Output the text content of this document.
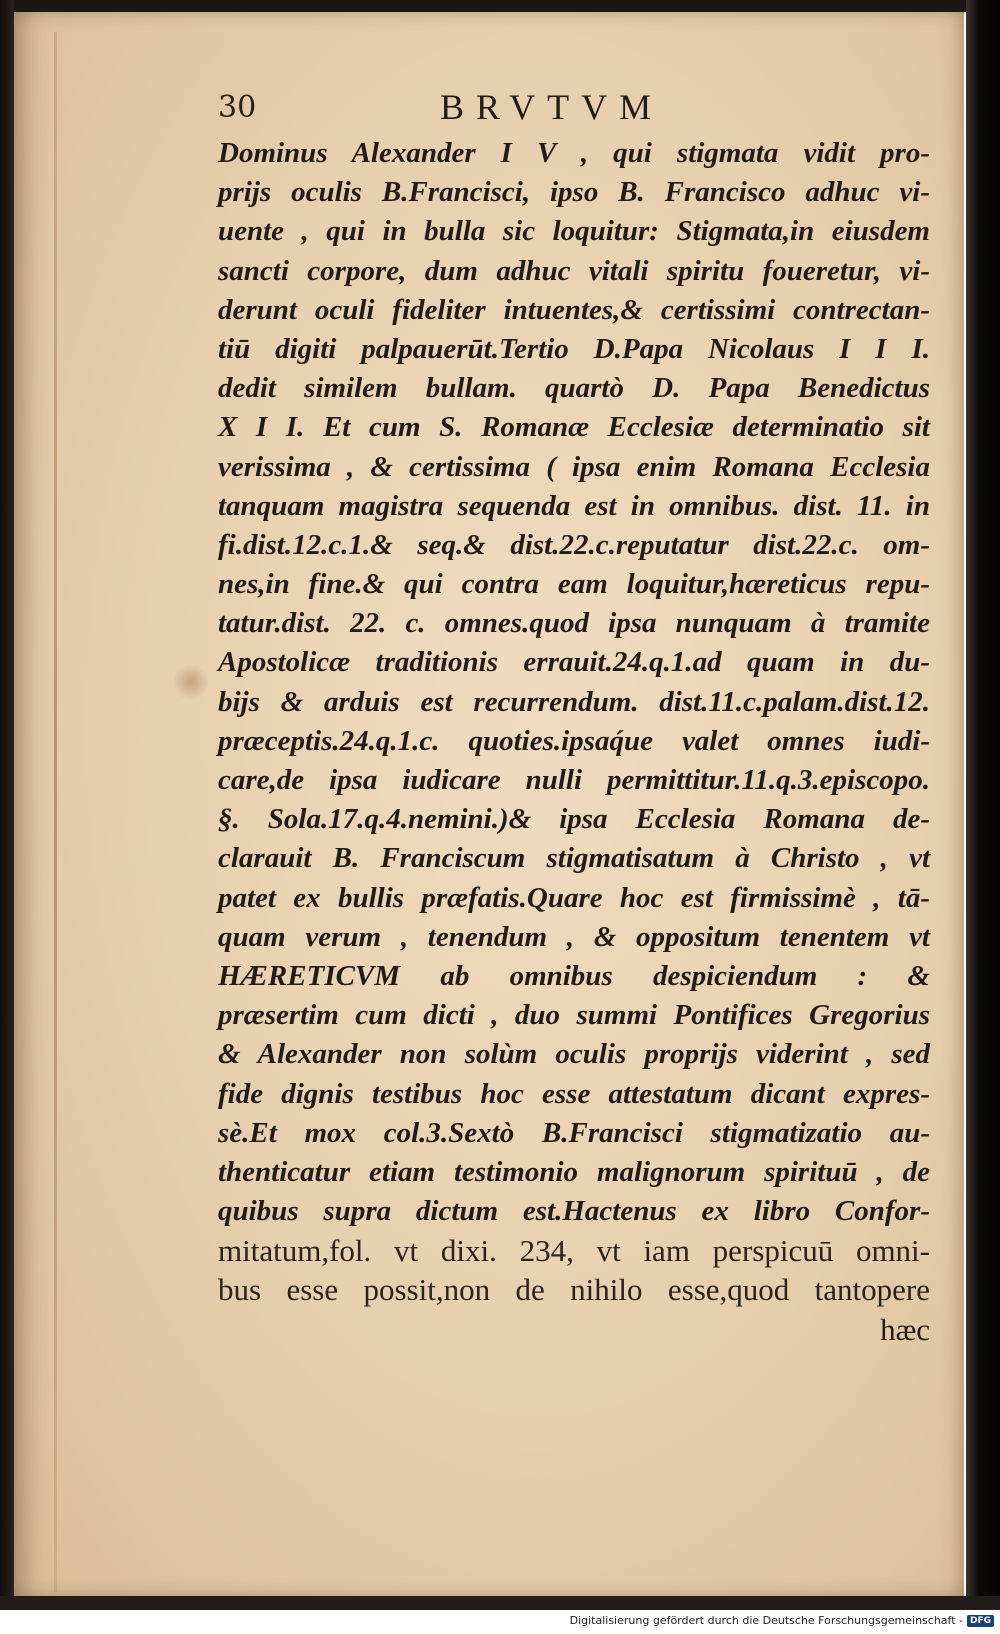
30	BRVTVM
Dominus Alexander I V , qui stigmata vidit pro-
prijs oculis B.Francisci, ipso B. Francisco adhuc vi-
uente , qui in bulla sic loquitur: Stigmata,in eiusdem
sancti corpore, dum adhuc vitali spiritu foueretur, vi-
derunt oculi fideliter intuentes,& certissimi contrectan-
tiū digiti palpauerūt.Tertio D.Papa Nicolaus I I I.
dedit similem bullam. quartò D. Papa Benedictus
X I I. Et cum S. Romanæ Ecclesiæ determinatio sit
verissima , & certissima ( ipsa enim Romana Ecclesia
tanquam magistra sequenda est in omnibus. dist. 11. in
fi.dist.12.c.1.& seq.& dist.22.c.reputatur dist.22.c. om-
nes,in fine.& qui contra eam loquitur,hæreticus repu-
tatur.dist. 22. c. omnes.quod ipsa nunquam à tramite
Apostolicæ traditionis errauit.24.q.1.ad quam in du-
bijs & arduis est recurrendum. dist.11.c.palam.dist.12.
præceptis.24.q.1.c. quoties.ipsaq́ue valet omnes iudi-
care,de ipsa iudicare nulli permittitur.11.q.3.episcopo.
§. Sola.17.q.4.nemini.)& ipsa Ecclesia Romana de-
clarauit B. Franciscum stigmatisatum à Christo , vt
patet ex bullis præfatis.Quare hoc est firmissimè , tā-
quam verum , tenendum , & oppositum tenentem vt
HÆRETICVM ab omnibus despiciendum : &
præsertim cum dicti , duo summi Pontifices Gregorius
& Alexander non solùm oculis proprijs viderint , sed
fide dignis testibus hoc esse attestatum dicant expres-
sè.Et mox col.3.Sextò B.Francisci stigmatizatio au-
thenticatur etiam testimonio malignorum spirituū , de
quibus supra dictum est.Hactenus ex libro Confor-
mitatum,fol. vt dixi. 234, vt iam perspicuū omni-
bus esse possit,non de nihilo esse,quod tantopere
hæc
Digitalisierung gefördert durch die Deutsche Forschungsgemeinschaft - DFG
